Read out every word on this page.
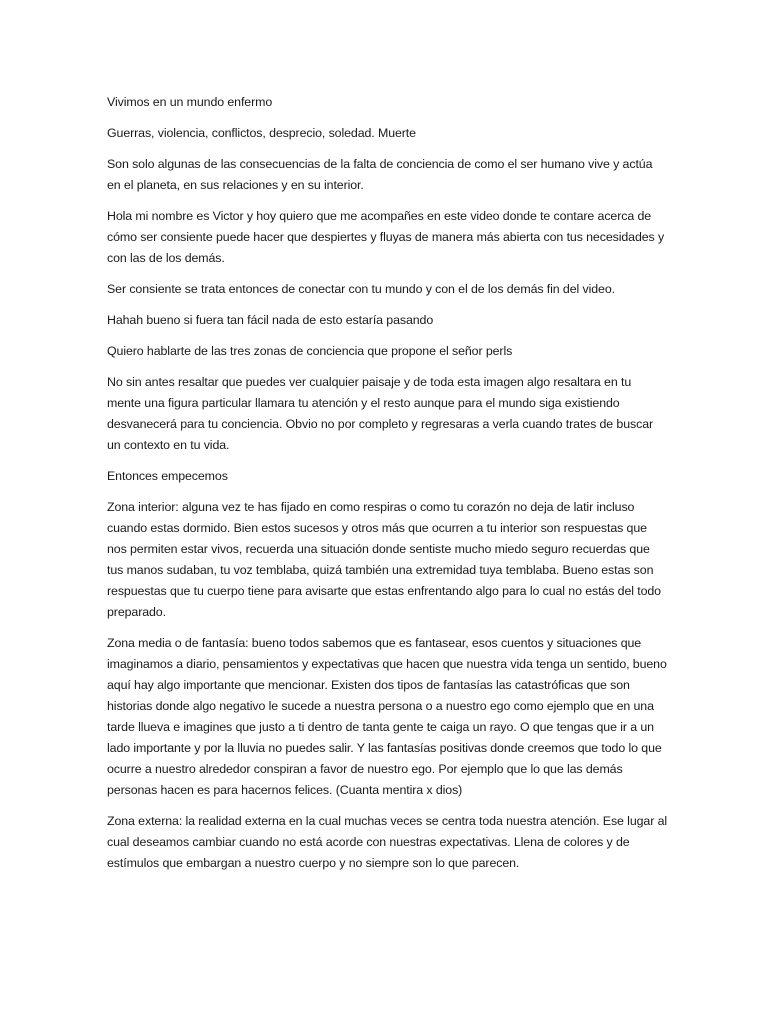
Vivimos en un mundo enfermo

Guerras, violencia, conflictos, desprecio, soledad. Muerte

Son solo algunas de las consecuencias de la falta de conciencia de como el ser humano vive y actúa en el planeta, en sus relaciones y en su interior.

Hola mi nombre es Victor y hoy quiero que me acompañes en este video donde te contare acerca de cómo ser consiente puede hacer que despiertes y fluyas de manera más abierta con tus necesidades y con las de los demás.

Ser consiente se trata entonces de conectar con tu mundo y con el de los demás fin del video.

Hahah bueno si fuera tan fácil nada de esto estaría pasando

Quiero hablarte de las tres zonas de conciencia que propone el señor perls

No sin antes resaltar que puedes ver cualquier paisaje y de toda esta imagen algo resaltara en tu mente una figura particular llamara tu atención y el resto aunque para el mundo siga existiendo desvanecerá para tu conciencia. Obvio no por completo y regresaras a verla cuando trates de buscar un contexto en tu vida.

Entonces empecemos

Zona interior: alguna vez te has fijado en como respiras o como tu corazón no deja de latir incluso cuando estas dormido. Bien estos sucesos y otros más que ocurren a tu interior son respuestas que nos permiten estar vivos, recuerda una situación donde sentiste mucho miedo seguro recuerdas que tus manos sudaban, tu voz temblaba, quizá también una extremidad tuya temblaba. Bueno estas son respuestas que tu cuerpo tiene para avisarte que estas enfrentando algo para lo cual no estás del todo preparado.

Zona media o de fantasía: bueno todos sabemos que es fantasear, esos cuentos y situaciones que imaginamos a diario, pensamientos y expectativas que hacen que nuestra vida tenga un sentido, bueno aquí hay algo importante que mencionar. Existen dos tipos de fantasías las catastróficas que son historias donde algo negativo le sucede a nuestra persona o a nuestro ego como ejemplo que en una tarde llueva e imagines que justo a ti dentro de tanta gente te caiga un rayo. O que tengas que ir a un lado importante y por la lluvia no puedes salir. Y las fantasías positivas donde creemos que todo lo que ocurre a nuestro alrededor conspiran a favor de nuestro ego. Por ejemplo que lo que las demás personas hacen es para hacernos felices. (Cuanta mentira x dios)

Zona externa: la realidad externa en la cual muchas veces se centra toda nuestra atención. Ese lugar al cual deseamos cambiar cuando no está acorde con nuestras expectativas. Llena de colores y de estímulos que embargan a nuestro cuerpo y no siempre son lo que parecen.
